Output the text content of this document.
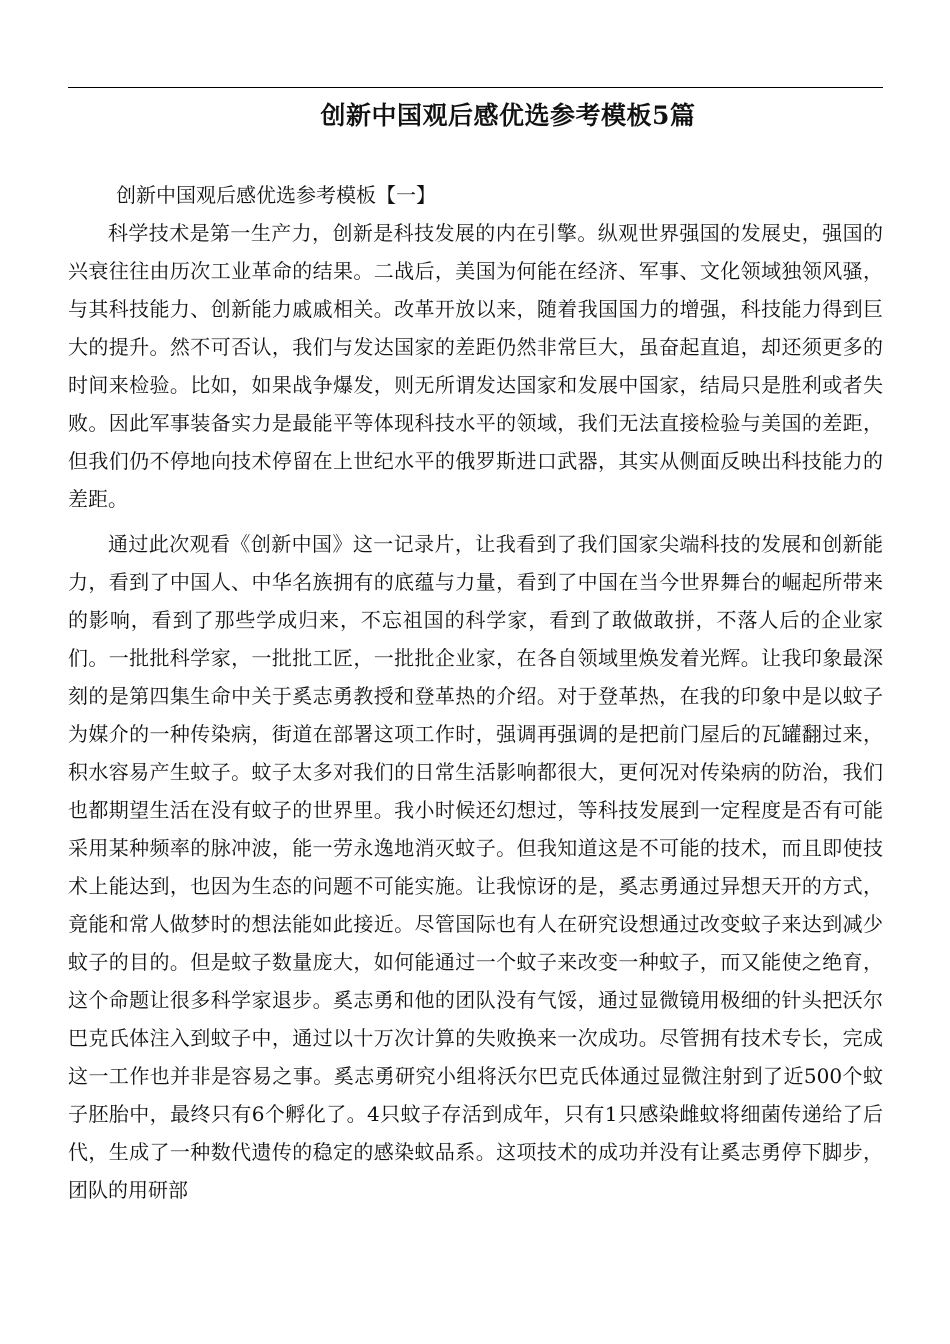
创新中国观后感优选参考模板5篇
创新中国观后感优选参考模板【一】

科学技术是第一生产力，创新是科技发展的内在引擎。纵观世界强国的发展史，强国的兴衰往往由历次工业革命的结果。二战后，美国为何能在经济、军事、文化领域独领风骚，与其科技能力、创新能力戚戚相关。改革开放以来，随着我国国力的增强，科技能力得到巨大的提升。然不可否认，我们与发达国家的差距仍然非常巨大，虽奋起直追，却还须更多的时间来检验。比如，如果战争爆发，则无所谓发达国家和发展中国家，结局只是胜利或者失败。因此军事装备实力是最能平等体现科技水平的领域，我们无法直接检验与美国的差距，但我们仍不停地向技术停留在上世纪水平的俄罗斯进口武器，其实从侧面反映出科技能力的差距。

通过此次观看《创新中国》这一记录片，让我看到了我们国家尖端科技的发展和创新能力，看到了中国人、中华名族拥有的底蕴与力量，看到了中国在当今世界舞台的崛起所带来的影响，看到了那些学成归来，不忘祖国的科学家，看到了敢做敢拼，不落人后的企业家们。一批批科学家，一批批工匠，一批批企业家，在各自领域里焕发着光辉。让我印象最深刻的是第四集生命中关于奚志勇教授和登革热的介绍。对于登革热，在我的印象中是以蚊子为媒介的一种传染病，街道在部署这项工作时，强调再强调的是把前门屋后的瓦罐翻过来，积水容易产生蚊子。蚊子太多对我们的日常生活影响都很大，更何况对传染病的防治，我们也都期望生活在没有蚊子的世界里。我小时候还幻想过，等科技发展到一定程度是否有可能采用某种频率的脉冲波，能一劳永逸地消灭蚊子。但我知道这是不可能的技术，而且即使技术上能达到，也因为生态的问题不可能实施。让我惊讶的是，奚志勇通过异想天开的方式，竟能和常人做梦时的想法能如此接近。尽管国际也有人在研究设想通过改变蚊子来达到减少蚊子的目的。但是蚊子数量庞大，如何能通过一个蚊子来改变一种蚊子，而又能使之绝育，这个命题让很多科学家退步。奚志勇和他的团队没有气馁，通过显微镜用极细的针头把沃尔巴克氏体注入到蚊子中，通过以十万次计算的失败换来一次成功。尽管拥有技术专长，完成这一工作也并非是容易之事。奚志勇研究小组将沃尔巴克氏体通过显微注射到了近500个蚊子胚胎中，最终只有6个孵化了。4只蚊子存活到成年，只有1只感染雌蚊将细菌传递给了后代，生成了一种数代遗传的稳定的感染蚊品系。这项技术的成功并没有让奚志勇停下脚步，团队的用研部
